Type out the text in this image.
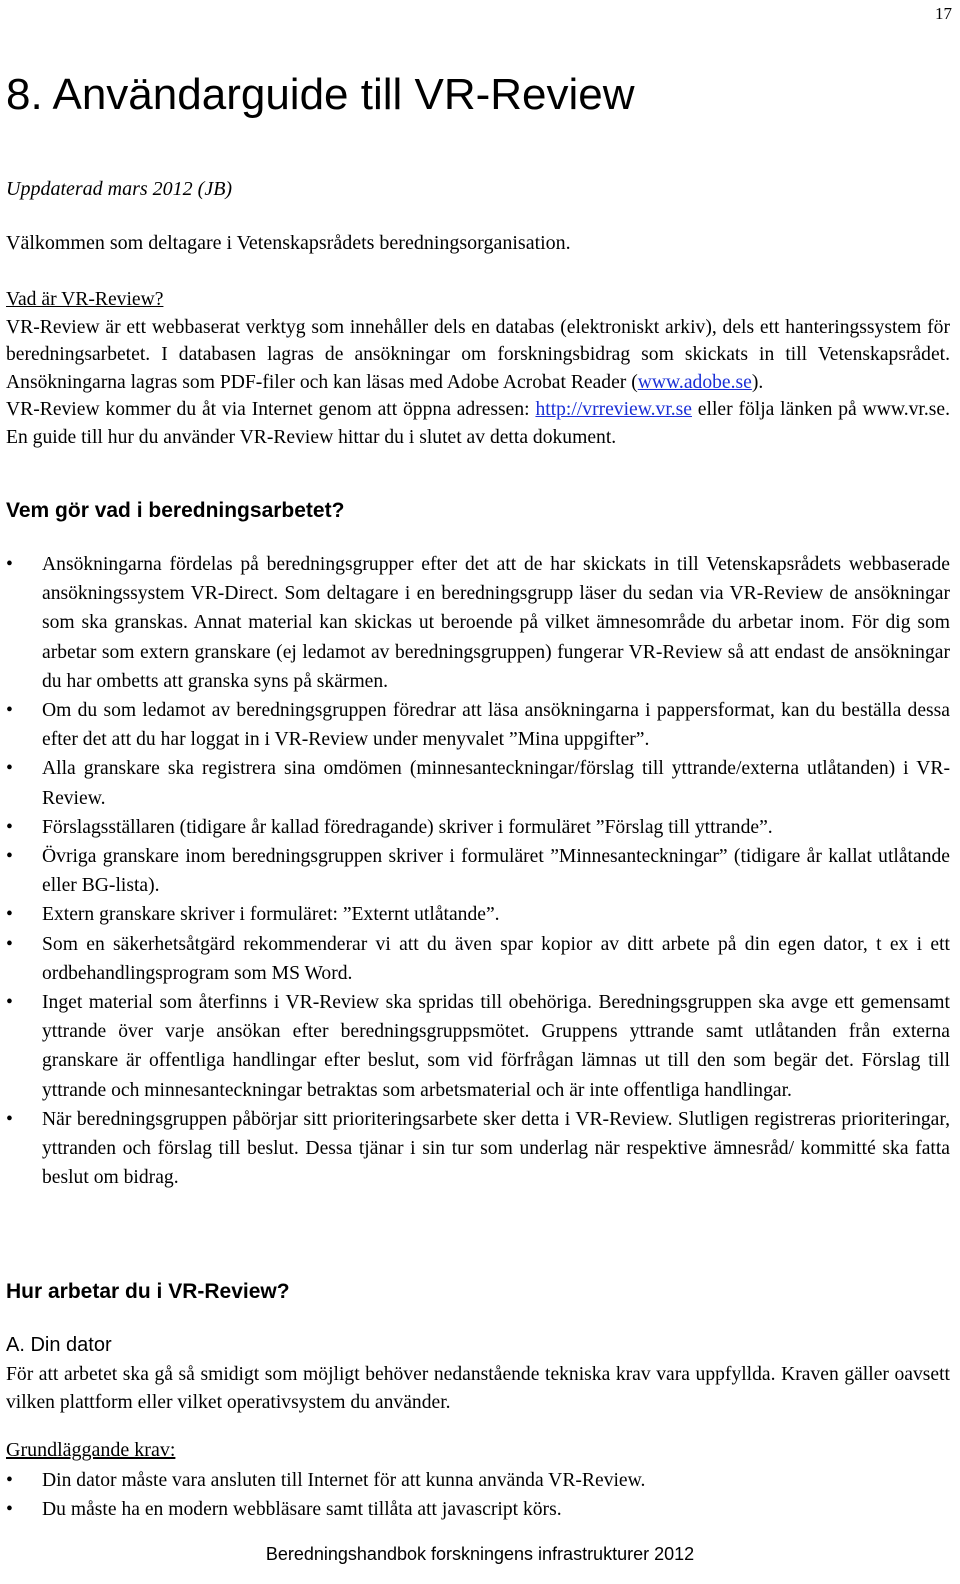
17
8. Användarguide till VR-Review

Uppdaterad mars 2012 (JB)

Välkommen som deltagare i Vetenskapsrådets beredningsorganisation.

Vad är VR-Review?
VR-Review är ett webbaserat verktyg som innehåller dels en databas (elektroniskt arkiv), dels ett hanteringssystem för beredningsarbetet. I databasen lagras de ansökningar om forskningsbidrag som skickats in till Vetenskapsrådet. Ansökningarna lagras som PDF-filer och kan läsas med Adobe Acrobat Reader (www.adobe.se).
VR-Review kommer du åt via Internet genom att öppna adressen: http://vrreview.vr.se eller följa länken på www.vr.se. En guide till hur du använder VR-Review hittar du i slutet av detta dokument.

Vem gör vad i beredningsarbetet?
•	Ansökningarna fördelas på beredningsgrupper efter det att de har skickats in till Vetenskapsrådets webbaserade ansökningssystem VR-Direct. Som deltagare i en beredningsgrupp läser du sedan via VR-Review de ansökningar som ska granskas. Annat material kan skickas ut beroende på vilket ämnesområde du arbetar inom. För dig som arbetar som extern granskare (ej ledamot av beredningsgruppen) fungerar VR-Review så att endast de ansökningar du har ombetts att granska syns på skärmen.
•	Om du som ledamot av beredningsgruppen föredrar att läsa ansökningarna i pappersformat, kan du beställa dessa efter det att du har loggat in i VR-Review under menyvalet ”Mina uppgifter”.
•	Alla granskare ska registrera sina omdömen (minnesanteckningar/förslag till yttrande/externa utlåtanden) i VR-Review.
•	Förslagsställaren (tidigare år kallad föredragande) skriver i formuläret ”Förslag till yttrande”.
•	Övriga granskare inom beredningsgruppen skriver i formuläret ”Minnesanteckningar” (tidigare år kallat utlåtande eller BG-lista).
•	Extern granskare skriver i formuläret: ”Externt utlåtande”.
•	Som en säkerhetsåtgärd rekommenderar vi att du även spar kopior av ditt arbete på din egen dator, t ex i ett ordbehandlingsprogram som MS Word.
•	Inget material som återfinns i VR-Review ska spridas till obehöriga. Beredningsgruppen ska avge ett gemensamt yttrande över varje ansökan efter beredningsgruppsmötet. Gruppens yttrande samt utlåtanden från externa granskare är offentliga handlingar efter beslut, som vid förfrågan lämnas ut till den som begär det. Förslag till yttrande och minnesanteckningar betraktas som arbetsmaterial och är inte offentliga handlingar.
•	När beredningsgruppen påbörjar sitt prioriteringsarbete sker detta i VR-Review. Slutligen registreras prioriteringar, yttranden och förslag till beslut. Dessa tjänar i sin tur som underlag när respektive ämnesråd/ kommitté ska fatta beslut om bidrag.
Hur arbetar du i VR-Review?

A. Din dator

För att arbetet ska gå så smidigt som möjligt behöver nedanstående tekniska krav vara uppfyllda. Kraven gäller oavsett vilken plattform eller vilket operativsystem du använder.

Grundläggande krav:

•	Din dator måste vara ansluten till Internet för att kunna använda VR-Review.
•	Du måste ha en modern webbläsare samt tillåta att javascript körs.
Beredningshandbok forskningens infrastrukturer 2012
